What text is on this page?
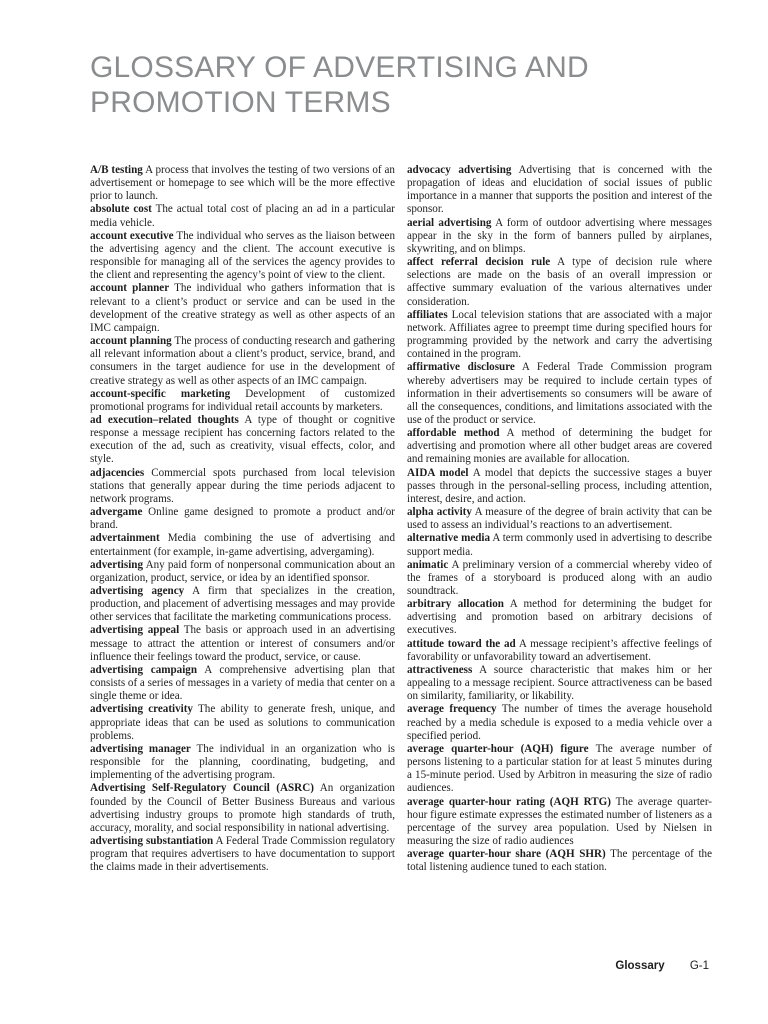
GLOSSARY OF ADVERTISING AND
PROMOTION TERMS

A/B testing A process that involves the testing of two versions of an advertisement or homepage to see which will be the more effective prior to launch.

absolute cost The actual total cost of placing an ad in a particular media vehicle.

account executive The individual who serves as the liaison between the advertising agency and the client. The account executive is responsible for managing all of the services the agency provides to the client and representing the agency’s point of view to the client.

account planner The individual who gathers information that is relevant to a client’s product or service and can be used in the development of the creative strategy as well as other aspects of an IMC campaign.

account planning The process of conducting research and gathering all relevant information about a client’s product, service, brand, and consumers in the target audience for use in the development of creative strategy as well as other aspects of an IMC campaign.

account-specific marketing Development of customized promotional programs for individual retail accounts by marketers.

ad execution–related thoughts A type of thought or cognitive response a message recipient has concerning factors related to the execution of the ad, such as creativity, visual effects, color, and style.

adjacencies Commercial spots purchased from local television stations that generally appear during the time periods adjacent to network programs.

advergame Online game designed to promote a product and/or brand.

advertainment Media combining the use of advertising and entertainment (for example, in-game advertising, advergaming).

advertising Any paid form of nonpersonal communication about an organization, product, service, or idea by an identified sponsor.

advertising agency A firm that specializes in the creation, production, and placement of advertising messages and may provide other services that facilitate the marketing communications process.

advertising appeal The basis or approach used in an advertising message to attract the attention or interest of consumers and/or influence their feelings toward the product, service, or cause.

advertising campaign A comprehensive advertising plan that consists of a series of messages in a variety of media that center on a single theme or idea.

advertising creativity The ability to generate fresh, unique, and appropriate ideas that can be used as solutions to communication problems.

advertising manager The individual in an organization who is responsible for the planning, coordinating, budgeting, and implementing of the advertising program.

Advertising Self-Regulatory Council (ASRC) An organization founded by the Council of Better Business Bureaus and various advertising industry groups to promote high standards of truth, accuracy, morality, and social responsibility in national advertising.

advertising substantiation A Federal Trade Commission regulatory program that requires advertisers to have documentation to support the claims made in their advertisements.

advocacy advertising Advertising that is concerned with the propagation of ideas and elucidation of social issues of public importance in a manner that supports the position and interest of the sponsor.

aerial advertising A form of outdoor advertising where messages appear in the sky in the form of banners pulled by airplanes, skywriting, and on blimps.

affect referral decision rule A type of decision rule where selections are made on the basis of an overall impression or affective summary evaluation of the various alternatives under consideration.

affiliates Local television stations that are associated with a major network. Affiliates agree to preempt time during specified hours for programming provided by the network and carry the advertising contained in the program.

affirmative disclosure A Federal Trade Commission program whereby advertisers may be required to include certain types of information in their advertisements so consumers will be aware of all the consequences, conditions, and limitations associated with the use of the product or service.

affordable method A method of determining the budget for advertising and promotion where all other budget areas are covered and remaining monies are available for allocation.

AIDA model A model that depicts the successive stages a buyer passes through in the personal-selling process, including attention, interest, desire, and action.

alpha activity A measure of the degree of brain activity that can be used to assess an individual’s reactions to an advertisement.

alternative media A term commonly used in advertising to describe support media.

animatic A preliminary version of a commercial whereby video of the frames of a storyboard is produced along with an audio soundtrack.

arbitrary allocation A method for determining the budget for advertising and promotion based on arbitrary decisions of executives.

attitude toward the ad A message recipient’s affective feelings of favorability or unfavorability toward an advertisement.

attractiveness A source characteristic that makes him or her appealing to a message recipient. Source attractiveness can be based on similarity, familiarity, or likability.

average frequency The number of times the average household reached by a media schedule is exposed to a media vehicle over a specified period.

average quarter-hour (AQH) figure The average number of persons listening to a particular station for at least 5 minutes during a 15-minute period. Used by Arbitron in measuring the size of radio audiences.

average quarter-hour rating (AQH RTG) The average quarter-hour figure estimate expresses the estimated number of listeners as a percentage of the survey area population. Used by Nielsen in measuring the size of radio audiences

average quarter-hour share (AQH SHR) The percentage of the total listening audience tuned to each station.

Glossary G-1
